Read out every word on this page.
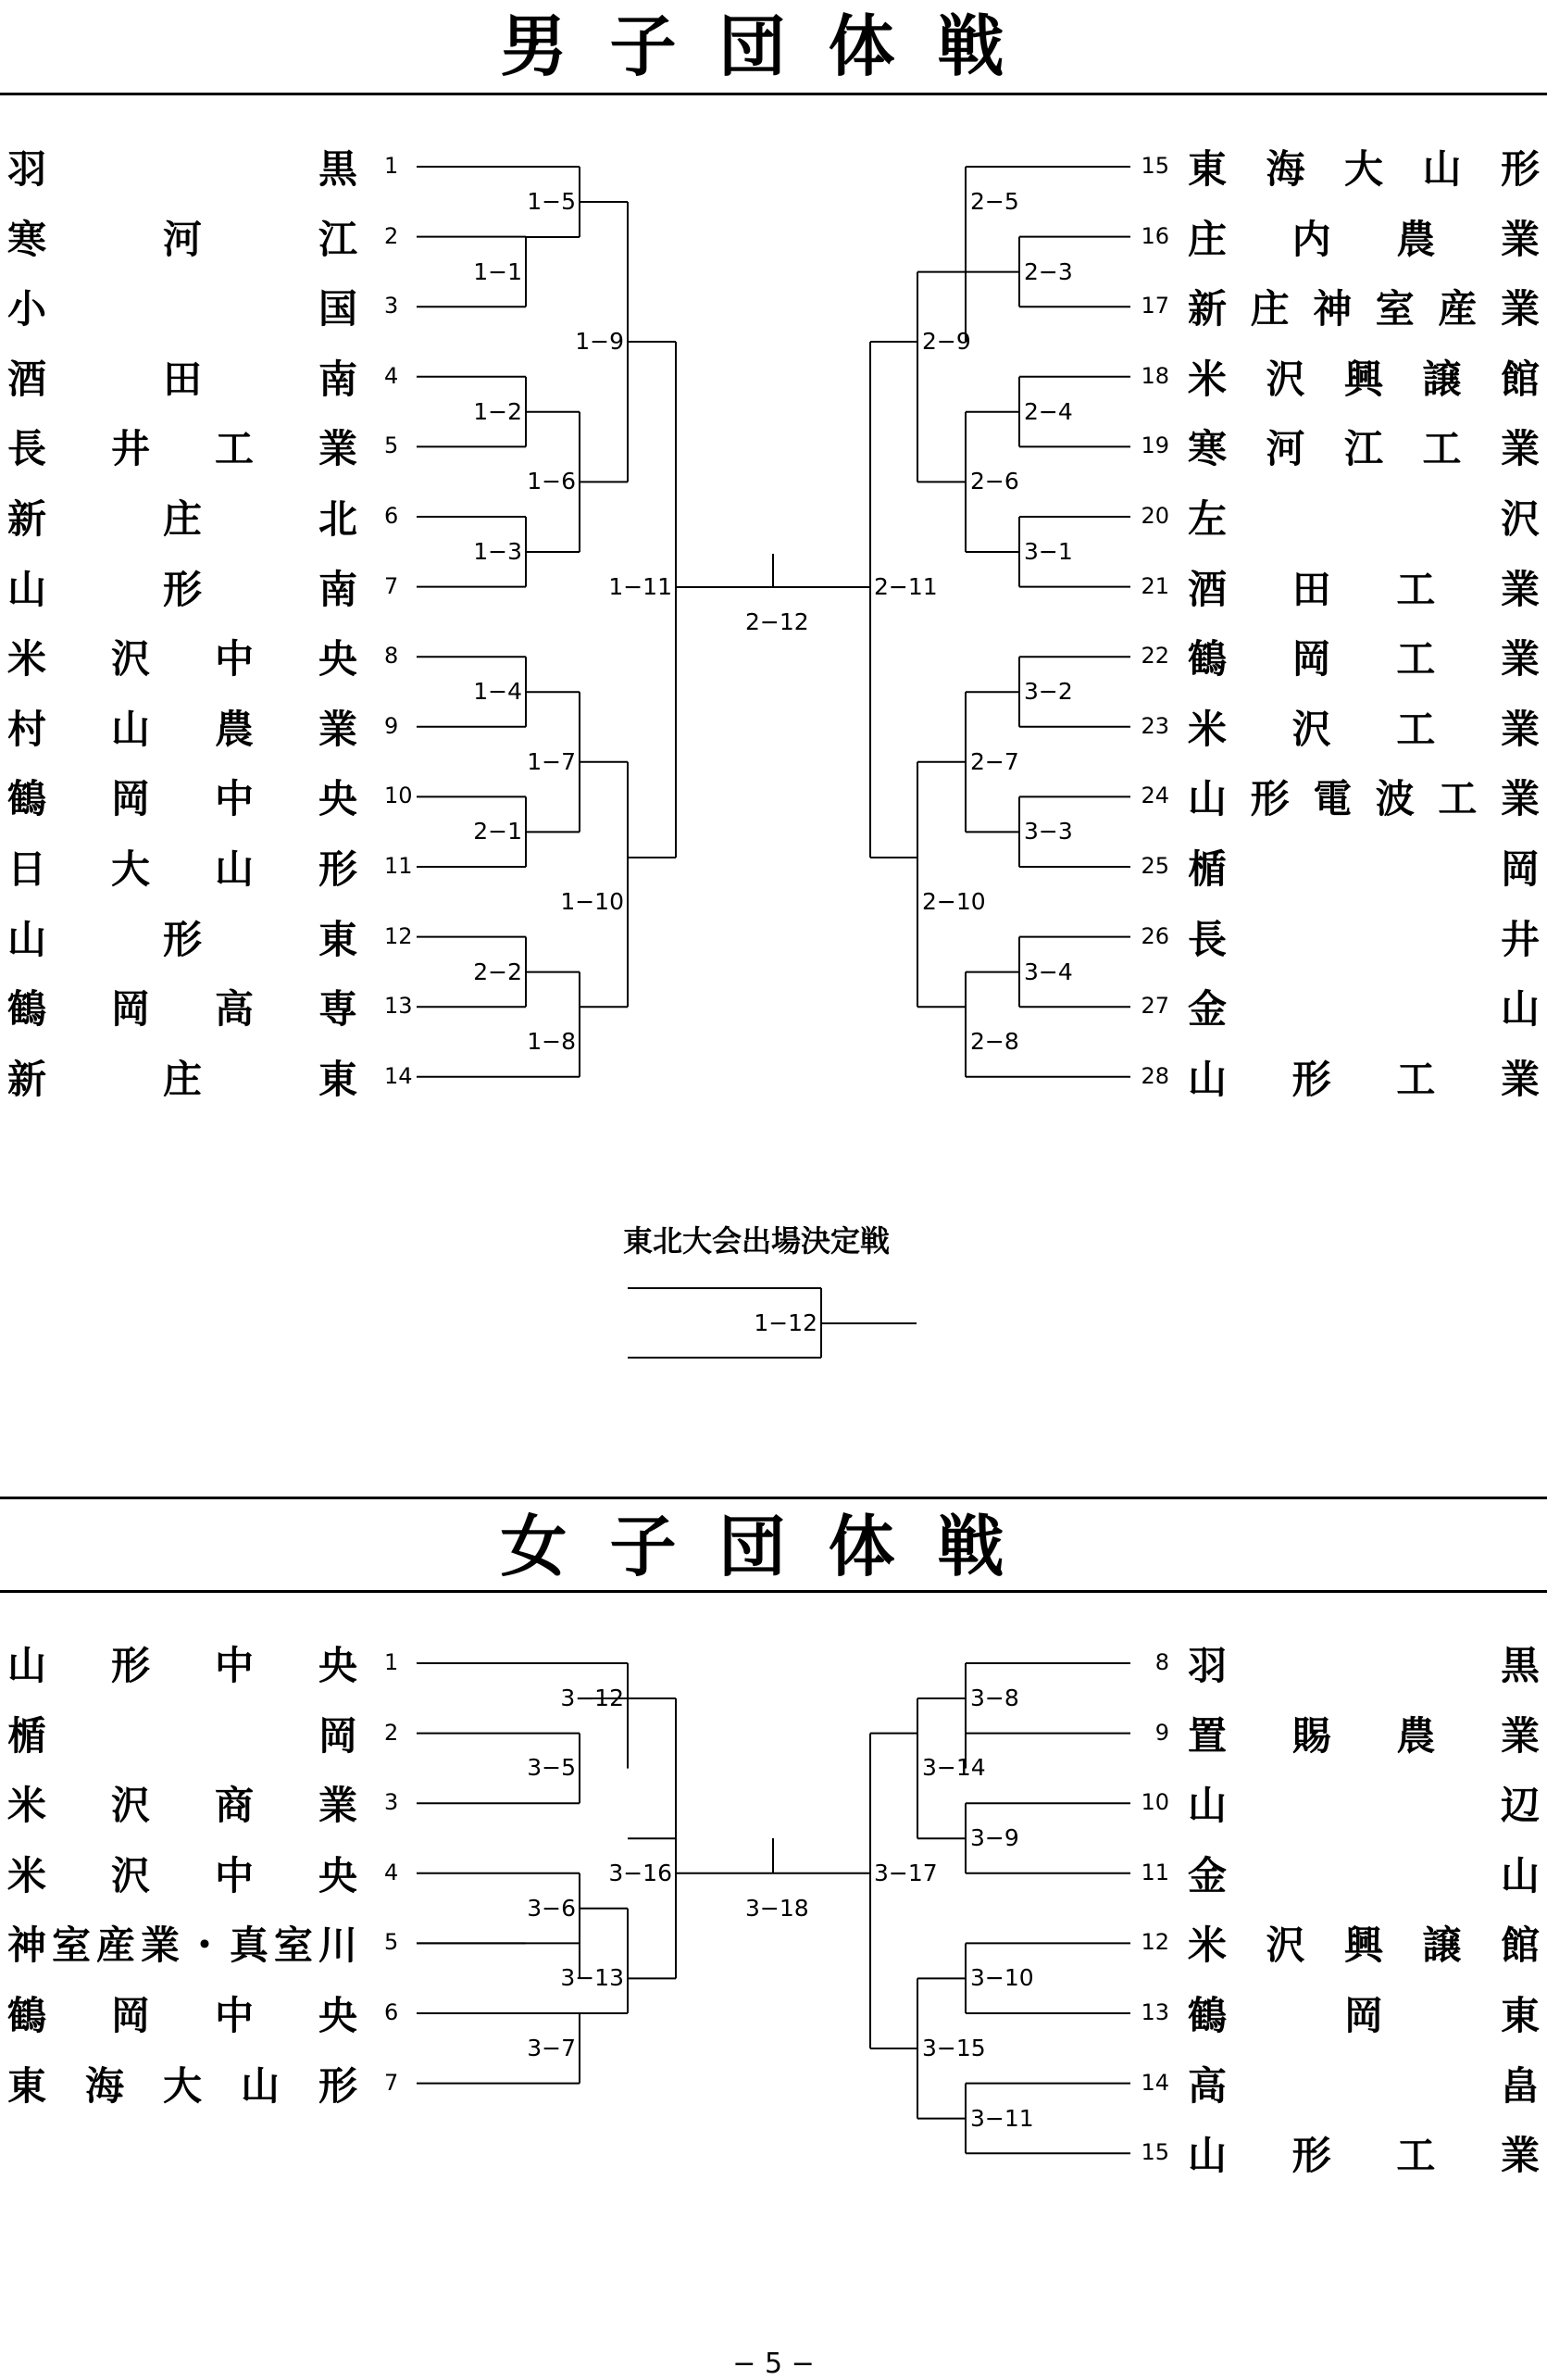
男子団体戦
羽	黒 1
寒	河	江 2
小	国 3
酒	田	南 4
長 井 工 業 5
新	庄	北 6
山	形	南 7
米 沢 中 央 8
村 山 農 業 9
鶴 岡 中 央 10
日 大 山 形 11
山	形	東 12
鶴 岡 高 専 13
新	庄	東 14
東 海 大 山 形
15
庄 内 農 業
16
新 庄 神 室 産 業
17
米 沢 興 譲 館
18
寒 河 江 工 業
19
左	沢
20
酒 田 工 業
21
鶴 岡 工 業
22
米 沢 工 業
23
山 形 電 波 工 業
24
楯	岡
25
長	井
26
金	山
27
山 形 工 業
28
女子団体戦
山 形 中 央 1
楯	岡 2
米 沢 商 業 3
米 沢 中 央 4
神 室 産 業 ・ 真 室 川 5
鶴 岡 中 央 6
東 海 大 山 形 7
羽	黒
8
置 賜 農 業
9
山	辺
10
金	山
11
米 沢 興 譲 館
12
鶴	岡	東
13
高	畠
14
山 形 工 業
15
東北大会出場決定戦
1−5
1−1
1−9
1−2
1−6
1−3
1−11
1−4
1−7
2−1
1−10
2−2
1−8
2−12
2−5
2−3
2−9
2−4
2−6
3−1
2−11
3−2
2−7
3−3
2−10
3−4
2−8
1−12
3−12
3−5
3−16
3−6
3−13
3−7
3−18
3−8
3−14
3−9
3−17
3−10
3−15
3−11
− 5 −
